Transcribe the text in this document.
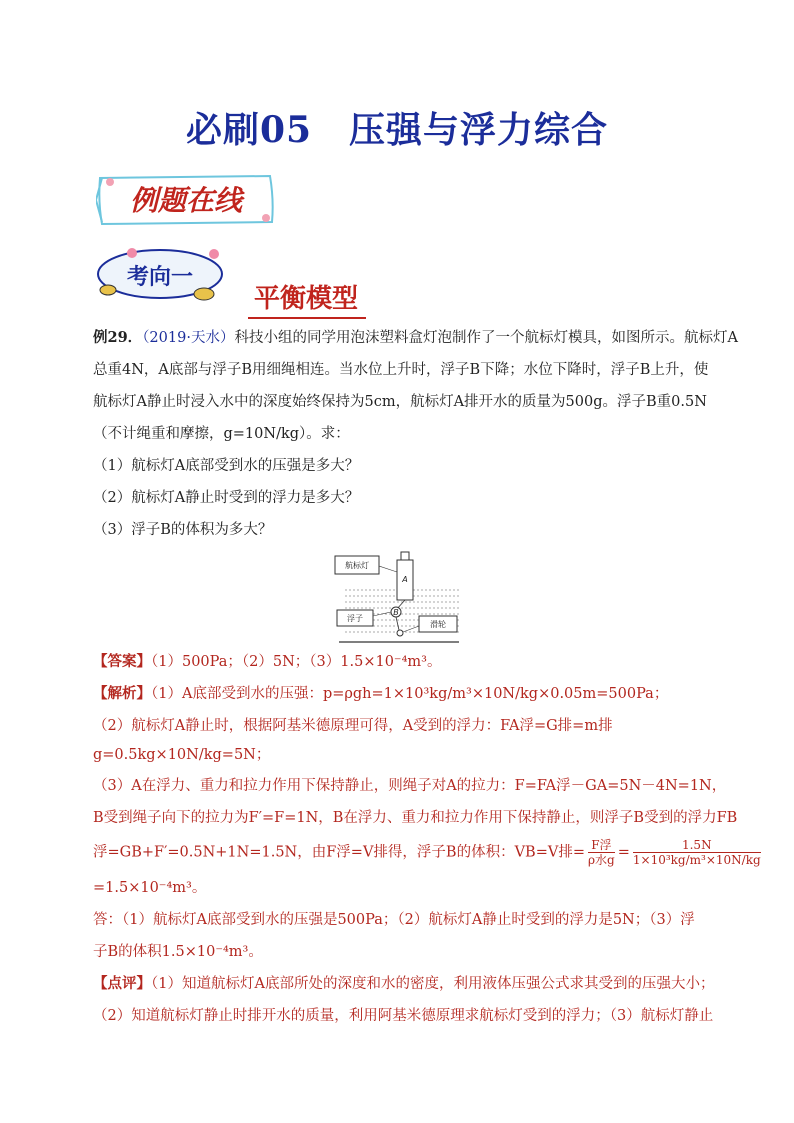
必刷05　压强与浮力综合
例题在线
考向一
平衡模型
例29．（2019·天水）科技小组的同学用泡沫塑料盒灯泡制作了一个航标灯模具，如图所示。航标灯A
总重4N，A底部与浮子B用细绳相连。当水位上升时，浮子B下降；水位下降时，浮子B上升，使
航标灯A静止时浸入水中的深度始终保持为5cm，航标灯A排开水的质量为500g。浮子B重0.5N
（不计绳重和摩擦，g=10N/kg）。求：
（1）航标灯A底部受到水的压强是多大？
（2）航标灯A静止时受到的浮力是多大？
（3）浮子B的体积为多大？
A
B
航标灯
浮子
滑轮
【答案】（1）500Pa；（2）5N；（3）1.5×10⁻⁴m³。
【解析】（1）A底部受到水的压强：p=ρgh=1×10³kg/m³×10N/kg×0.05m=500Pa；
（2）航标灯A静止时，根据阿基米德原理可得，A受到的浮力：FA浮=G排=m排
g=0.5kg×10N/kg=5N；
（3）A在浮力、重力和拉力作用下保持静止，则绳子对A的拉力：F=FA浮－GA=5N－4N=1N，
B受到绳子向下的拉力为F′=F=1N，B在浮力、重力和拉力作用下保持静止，则浮子B受到的浮力FB
浮=GB+F′=0.5N+1N=1.5N，由F浮=V排得，浮子B的体积：VB=V排= $\frac{\text{F浮}}{\text{ρ水g}} = \frac{1.5N}{\text{1×10³kg/m³×10N/kg}}$
=1.5×10⁻⁴m³。
答：（1）航标灯A底部受到水的压强是500Pa；（2）航标灯A静止时受到的浮力是5N；（3）浮
子B的体积1.5×10⁻⁴m³。
【点评】（1）知道航标灯A底部所处的深度和水的密度，利用液体压强公式求其受到的压强大小；
（2）知道航标灯静止时排开水的质量，利用阿基米德原理求航标灯受到的浮力；（3）航标灯静止
